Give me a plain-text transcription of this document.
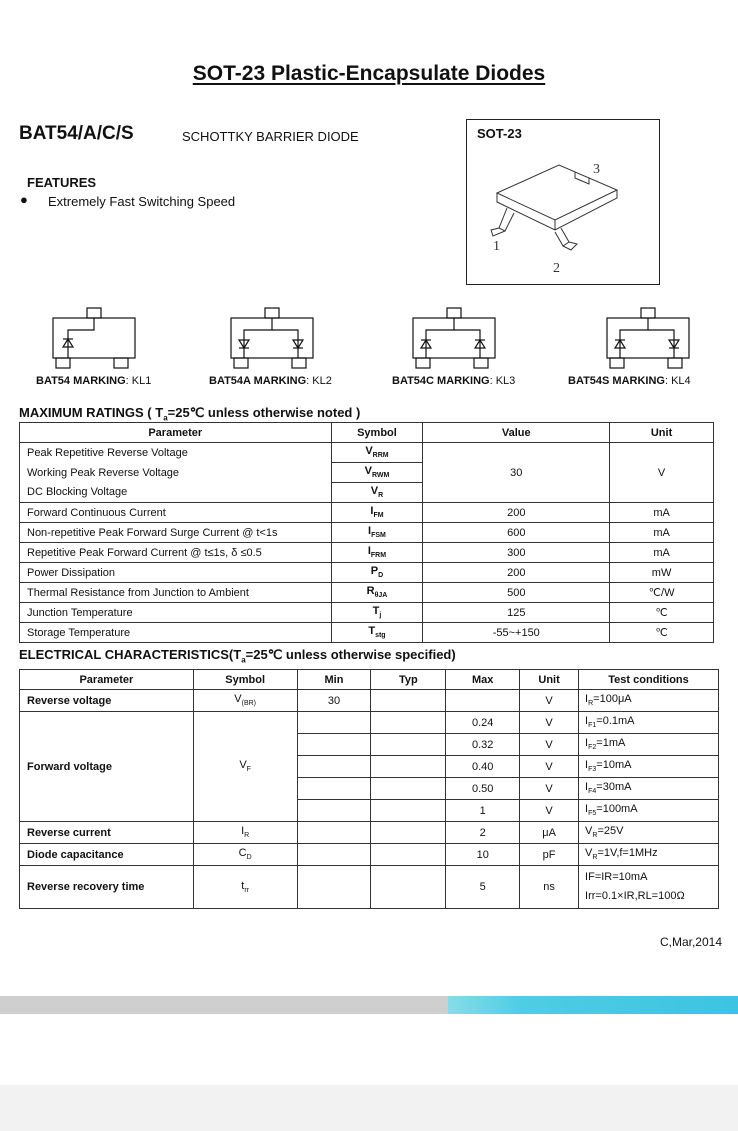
SOT-23 Plastic-Encapsulate Diodes
BAT54/A/C/S	SCHOTTKY BARRIER DIODE
FEATURES
● Extremely Fast Switching Speed
SOT-23
3
1
2
BAT54 MARKING: KL1	BAT54A MARKING: KL2	BAT54C MARKING: KL3	BAT54S MARKING: KL4
MAXIMUM RATINGS ( $T_a=25℃$ unless otherwise noted )
Parameter	Symbol	Value	Unit
Peak Repetitive Reverse Voltage	$V_{RRM}$	30	V
Working Peak Reverse Voltage	$V_{RWM}$
DC Blocking Voltage	$V_R$
Forward Continuous Current	$I_{FM}$	200	mA
Non-repetitive Peak Forward Surge Current @ t<1s	$I_{FSM}$	600	mA
Repetitive Peak Forward Current @ t≤1s, δ ≤0.5	$I_{FRM}$	300	mA
Power Dissipation	$P_D$	200	mW
Thermal Resistance from Junction to Ambient	$R_{\theta JA}$	500	℃/W
Junction Temperature	$T_j$	125	℃
Storage Temperature	$T_{stg}$	-55~+150	℃
ELECTRICAL $CHARACTERISTICS(T_a=25℃$ unless otherwise specified)
Parameter	Symbol	Min	Typ	Max	Unit	Test conditions
Reverse voltage	$V_{(BR)}$	30			V	$I_R=100\mu A$
Forward voltage	$V_F$			0.24	V	$I_{F1}=0.1mA$
				0.32	V	$I_{F2}=1mA$
				0.40	V	$I_{F3}=10mA$
				0.50	V	$I_{F4}=30mA$
				1	V	$I_{F5}=100mA$
Reverse current	$I_R$			2	μA	$V_R=25V$
Diode capacitance	$C_D$			10	pF	$V_R=1V,f=1MHz$
Reverse recovery time	$t_{rr}$			5	ns	IF=IR=10mA
Irr=0.1×IR,RL=100Ω
C,Mar,2014
